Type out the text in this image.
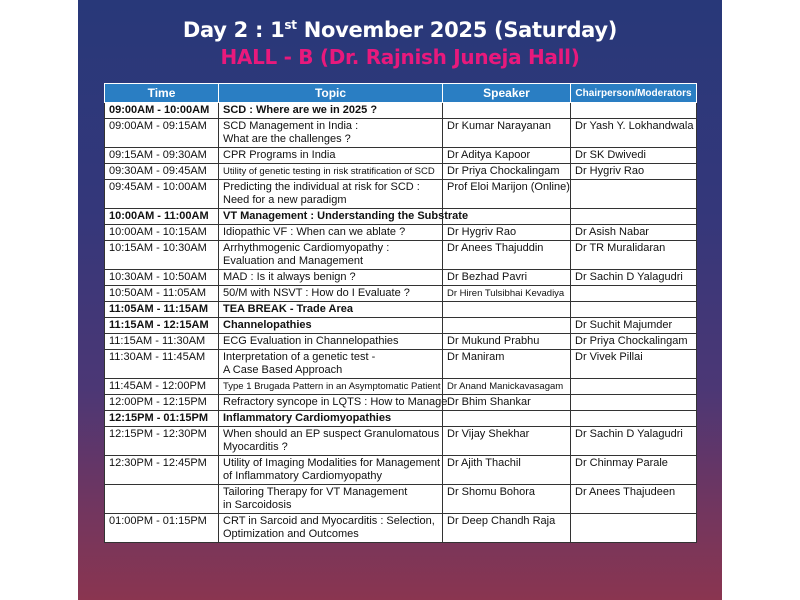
Day 2 : 1st November 2025 (Saturday)
HALL - B (Dr. Rajnish Juneja Hall)
Time	Topic	Speaker	Chairperson/Moderators
09:00AM - 10:00AM	SCD : Where are we in 2025 ?		

09:00AM - 09:15AM	SCD Management in India :
What are the challenges ?	Dr Kumar Narayanan	Dr Yash Y. Lokhandwala
09:15AM - 09:30AM	CPR Programs in India	Dr Aditya Kapoor	Dr SK Dwivedi
09:30AM - 09:45AM	Utility of genetic testing in risk stratification of SCD	Dr Priya Chockalingam	Dr Hygriv Rao
09:45AM - 10:00AM	Predicting the individual at risk for SCD :
Need for a new paradigm	Prof Eloi Marijon (Online)	
10:00AM - 11:00AM	VT Management : Understanding the Substrate		

10:00AM - 10:15AM	Idiopathic VF : When can we ablate ?	Dr Hygriv Rao	Dr Asish Nabar
10:15AM - 10:30AM	Arrhythmogenic Cardiomyopathy :
Evaluation and Management	Dr Anees Thajuddin	Dr TR Muralidaran
10:30AM - 10:50AM	MAD : Is it always benign ?	Dr Bezhad Pavri	Dr Sachin D Yalagudri
10:50AM - 11:05AM	50/M with NSVT : How do I Evaluate ?	Dr Hiren Tulsibhai Kevadiya	
11:05AM - 11:15AM	TEA BREAK - Trade Area		

11:15AM - 12:15AM	Channelopathies		Dr Suchit Majumder
11:15AM - 11:30AM	ECG Evaluation in Channelopathies	Dr Mukund Prabhu	Dr Priya Chockalingam
11:30AM - 11:45AM	Interpretation of a genetic test -
A Case Based Approach	Dr Maniram	Dr Vivek Pillai
11:45AM - 12:00PM	Type 1 Brugada Pattern in an Asymptomatic Patient	Dr Anand Manickavasagam	
12:00PM - 12:15PM	Refractory syncope in LQTS : How to Manage	Dr Bhim Shankar	
12:15PM - 01:15PM	Inflammatory Cardiomyopathies		

12:15PM - 12:30PM	When should an EP suspect Granulomatous
Myocarditis ?	Dr Vijay Shekhar	Dr Sachin D Yalagudri
12:30PM - 12:45PM	Utility of Imaging Modalities for Management
of Inflammatory Cardiomyopathy	Dr Ajith Thachil	Dr Chinmay Parale

	Tailoring Therapy for VT Management
in Sarcoidosis	Dr Shomu Bohora	Dr Anees Thajudeen
01:00PM - 01:15PM	CRT in Sarcoid and Myocarditis : Selection,
Optimization and Outcomes	Dr Deep Chandh Raja	
